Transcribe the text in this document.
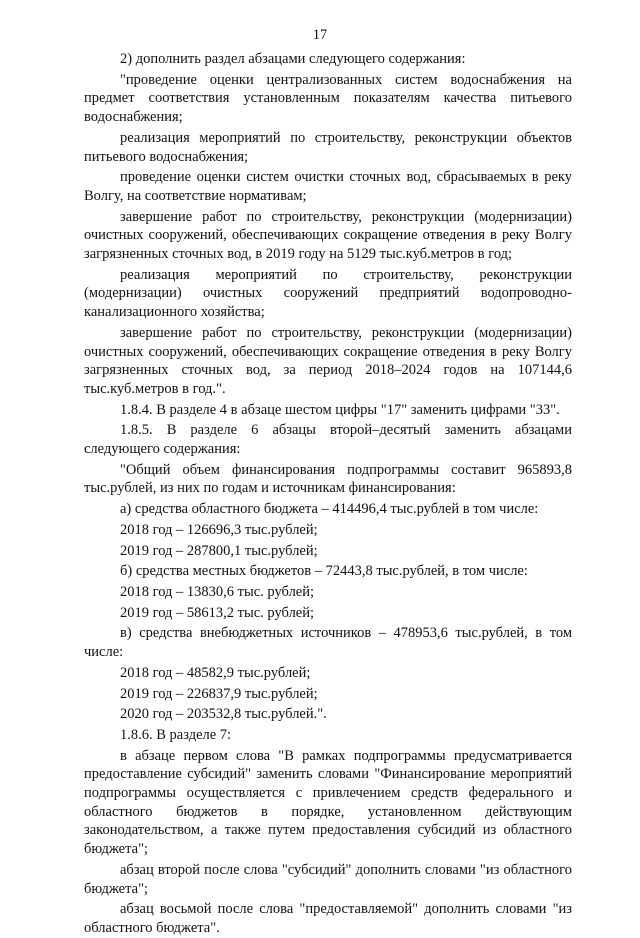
17

2) дополнить раздел абзацами следующего содержания:

"проведение оценки централизованных систем водоснабжения на предмет соответствия установленным показателям качества питьевого водоснабжения;

реализация мероприятий по строительству, реконструкции объектов питьевого водоснабжения;

проведение оценки систем очистки сточных вод, сбрасываемых в реку Волгу, на соответствие нормативам;

завершение работ по строительству, реконструкции (модернизации) очистных сооружений, обеспечивающих сокращение отведения в реку Волгу загрязненных сточных вод, в 2019 году на 5129 тыс.куб.метров в год;

реализация мероприятий по строительству, реконструкции (модернизации) очистных сооружений предприятий водопроводно-канализационного хозяйства;

завершение работ по строительству, реконструкции (модернизации) очистных сооружений, обеспечивающих сокращение отведения в реку Волгу загрязненных сточных вод, за период 2018–2024 годов на 107144,6 тыс.куб.метров в год.".

1.8.4. В разделе 4 в абзаце шестом цифры "17" заменить цифрами "33".

1.8.5. В разделе 6 абзацы второй–десятый заменить абзацами следующего содержания:

"Общий объем финансирования подпрограммы составит 965893,8 тыс.рублей, из них по годам и источникам финансирования:

а) средства областного бюджета – 414496,4 тыс.рублей в том числе:

2018 год – 126696,3 тыс.рублей;

2019 год – 287800,1 тыс.рублей;

б) средства местных бюджетов – 72443,8 тыс.рублей, в том числе:

2018 год – 13830,6 тыс. рублей;

2019 год – 58613,2 тыс. рублей;

в) средства внебюджетных источников – 478953,6 тыс.рублей, в том числе:

2018 год – 48582,9 тыс.рублей;

2019 год – 226837,9 тыс.рублей;

2020 год – 203532,8 тыс.рублей.".

1.8.6. В разделе 7:

в абзаце первом слова "В рамках подпрограммы предусматривается предоставление субсидий" заменить словами "Финансирование мероприятий подпрограммы осуществляется с привлечением средств федерального и областного бюджетов в порядке, установленном действующим законодательством, а также путем предоставления субсидий из областного бюджета";

абзац второй после слова "субсидий" дополнить словами "из областного бюджета";

абзац восьмой после слова "предоставляемой" дополнить словами "из областного бюджета".
